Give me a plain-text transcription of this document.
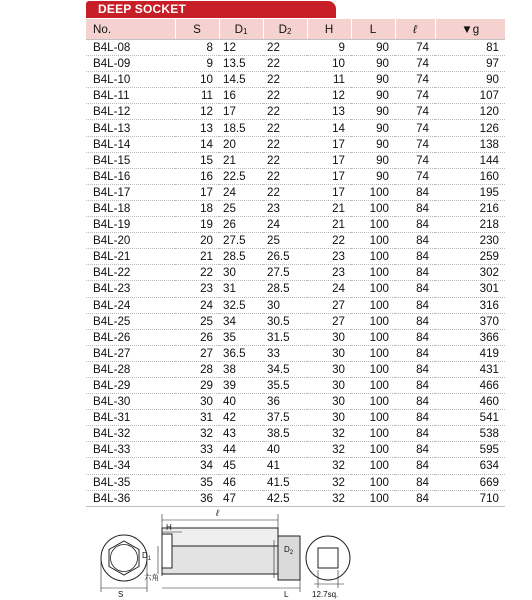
DEEP SOCKET
No.	S	$D_1$	$D_2$	H	L	ℓ	▼g
B4L-08	8	12	22	9	90	74	81
B4L-09	9	13.5	22	10	90	74	97
B4L-10	10	14.5	22	11	90	74	90
B4L-11	11	16	22	12	90	74	107
B4L-12	12	17	22	13	90	74	120
B4L-13	13	18.5	22	14	90	74	126
B4L-14	14	20	22	17	90	74	138
B4L-15	15	21	22	17	90	74	144
B4L-16	16	22.5	22	17	90	74	160
B4L-17	17	24	22	17	100	84	195
B4L-18	18	25	23	21	100	84	216
B4L-19	19	26	24	21	100	84	218
B4L-20	20	27.5	25	22	100	84	230
B4L-21	21	28.5	26.5	23	100	84	259
B4L-22	22	30	27.5	23	100	84	302
B4L-23	23	31	28.5	24	100	84	301
B4L-24	24	32.5	30	27	100	84	316
B4L-25	25	34	30.5	27	100	84	370
B4L-26	26	35	31.5	30	100	84	366
B4L-27	27	36.5	33	30	100	84	419
B4L-28	28	38	34.5	30	100	84	431
B4L-29	29	39	35.5	30	100	84	466
B4L-30	30	40	36	30	100	84	460
B4L-31	31	42	37.5	30	100	84	541
B4L-32	32	43	38.5	32	100	84	538
B4L-33	33	44	40	32	100	84	595
B4L-34	34	45	41	32	100	84	634
B4L-35	35	46	41.5	32	100	84	669
B4L-36	36	47	42.5	32	100	84	710
S
ℓ
H
$D_1$
六角
L
$D_2$
12.7sq.
